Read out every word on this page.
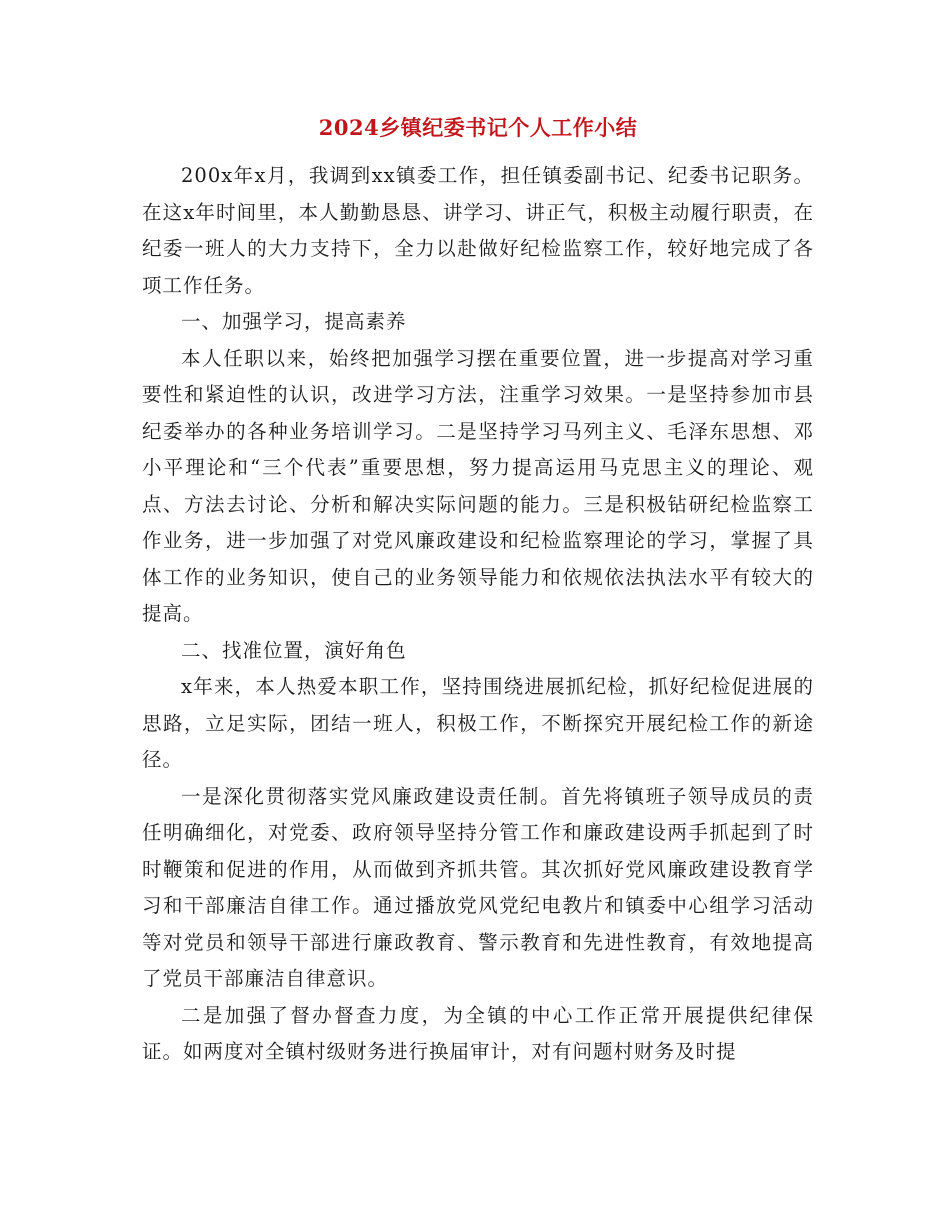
2024乡镇纪委书记个人工作小结

200x年x月，我调到xx镇委工作，担任镇委副书记、纪委书记职务。在这x年时间里，本人勤勤恳恳、讲学习、讲正气，积极主动履行职责，在纪委一班人的大力支持下，全力以赴做好纪检监察工作，较好地完成了各项工作任务。

一、加强学习，提高素养

本人任职以来，始终把加强学习摆在重要位置，进一步提高对学习重要性和紧迫性的认识，改进学习方法，注重学习效果。一是坚持参加市县纪委举办的各种业务培训学习。二是坚持学习马列主义、毛泽东思想、邓小平理论和“三个代表”重要思想，努力提高运用马克思主义的理论、观点、方法去讨论、分析和解决实际问题的能力。三是积极钻研纪检监察工作业务，进一步加强了对党风廉政建设和纪检监察理论的学习，掌握了具体工作的业务知识，使自己的业务领导能力和依规依法执法水平有较大的提高。

二、找准位置，演好角色

x年来，本人热爱本职工作，坚持围绕进展抓纪检，抓好纪检促进展的思路，立足实际，团结一班人，积极工作，不断探究开展纪检工作的新途径。

一是深化贯彻落实党风廉政建设责任制。首先将镇班子领导成员的责任明确细化，对党委、政府领导坚持分管工作和廉政建设两手抓起到了时时鞭策和促进的作用，从而做到齐抓共管。其次抓好党风廉政建设教育学习和干部廉洁自律工作。通过播放党风党纪电教片和镇委中心组学习活动等对党员和领导干部进行廉政教育、警示教育和先进性教育，有效地提高了党员干部廉洁自律意识。

二是加强了督办督查力度，为全镇的中心工作正常开展提供纪律保证。如两度对全镇村级财务进行换届审计，对有问题村财务及时提
